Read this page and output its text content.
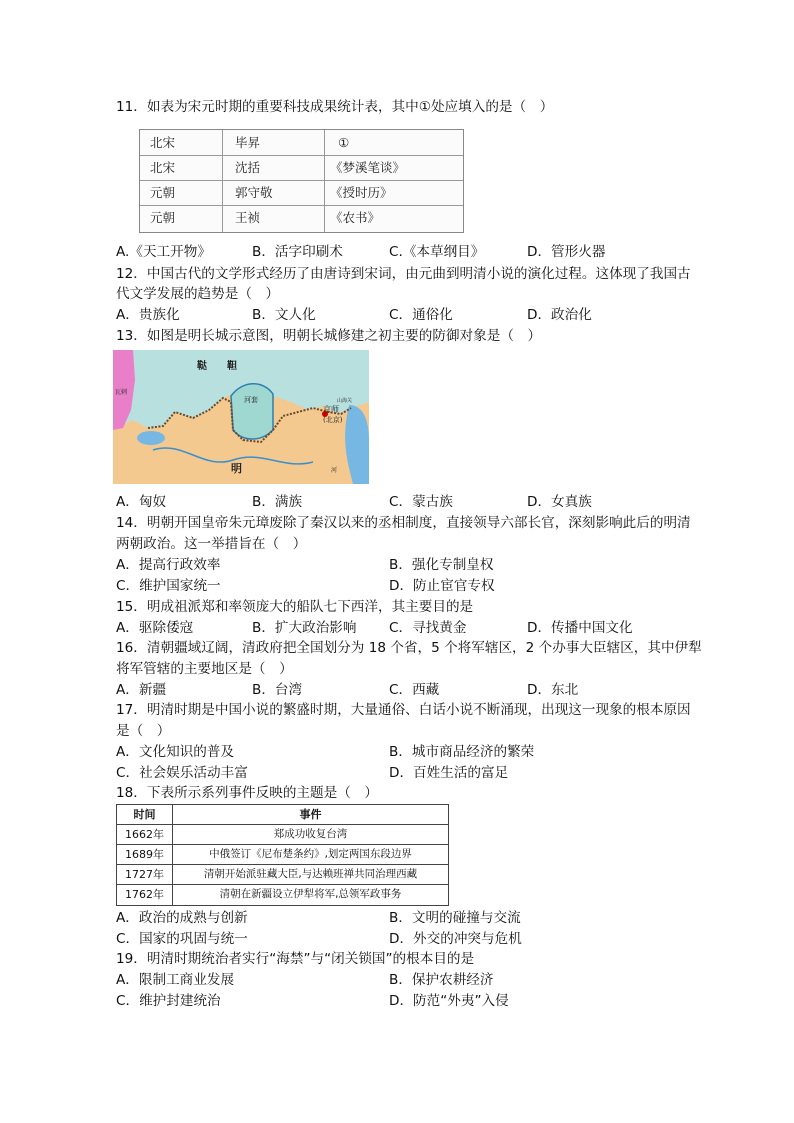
11．如表为宋元时期的重要科技成果统计表，其中①处应填入的是（　）
北宋	毕昇	①
北宋	沈括	《梦溪笔谈》
元朝	郭守敬	《授时历》
元朝	王祯	《农书》
A.《天工开物》	B．活字印刷术	C.《本草纲目》	D．管形火器
12．中国古代的文学形式经历了由唐诗到宋词，由元曲到明清小说的演化过程。这体现了我国古
代文学发展的趋势是（　）
A．贵族化	B．文人化	C．通俗化	D．政治化
13．如图是明长城示意图，明朝长城修建之初主要的防御对象是（　）
鞑　　靼
瓦剌
河套
京师
(北京)
山海关
明	河
A．匈奴	B．满族	C．蒙古族	D．女真族
14．明朝开国皇帝朱元璋废除了秦汉以来的丞相制度，直接领导六部长官，深刻影响此后的明清
两朝政治。这一举措旨在（　）
A．提高行政效率	B．强化专制皇权
C．维护国家统一	D．防止宦官专权
15．明成祖派郑和率领庞大的船队七下西洋，其主要目的是
A．驱除倭寇	B．扩大政治影响 C．寻找黄金	D．传播中国文化
16．清朝疆域辽阔，清政府把全国划分为 18 个省，5 个将军辖区，2 个办事大臣辖区，其中伊犁
将军管辖的主要地区是（　）
A．新疆	B．台湾	C．西藏	D．东北
17．明清时期是中国小说的繁盛时期，大量通俗、白话小说不断涌现，出现这一现象的根本原因
是（　）
A．文化知识的普及	B．城市商品经济的繁荣
C．社会娱乐活动丰富	D．百姓生活的富足
18．下表所示系列事件反映的主题是（　）
时间	事件
1662年	郑成功收复台湾
1689年	中俄签订《尼布楚条约》,划定两国东段边界
1727年	清朝开始派驻藏大臣,与达赖班禅共同治理西藏
1762年	清朝在新疆设立伊犁将军,总领军政事务
A．政治的成熟与创新	B．文明的碰撞与交流
C．国家的巩固与统一	D．外交的冲突与危机
19．明清时期统治者实行“海禁”与“闭关锁国”的根本目的是
A．限制工商业发展	B．保护农耕经济
C．维护封建统治	D．防范“外夷”入侵
